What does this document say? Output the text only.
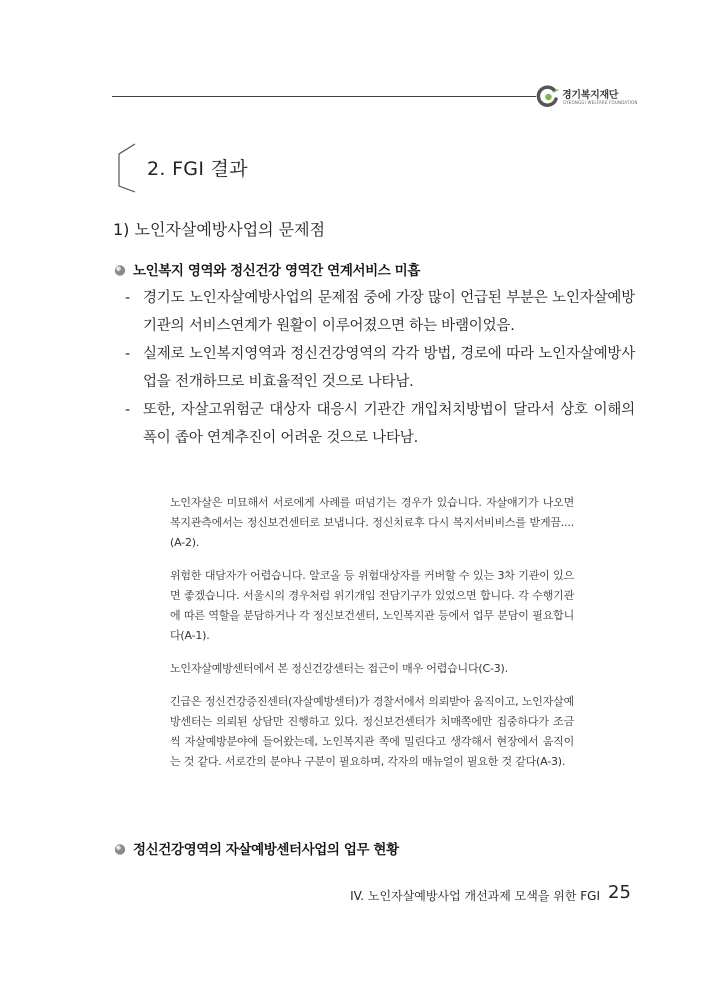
경기복지재단
GYEONGGI WELFARE FOUNDATION
2. FGI 결과
1) 노인자살예방사업의 문제점
노인복지 영역와 정신건강 영역간 연계서비스 미흡
- 경기도 노인자살예방사업의 문제점 중에 가장 많이 언급된 부분은 노인자살예방 기관의 서비스연계가 원활이 이루어졌으면 하는 바램이었음.
- 실제로 노인복지영역과 정신건강영역의 각각 방법, 경로에 따라 노인자살예방사업을 전개하므로 비효율적인 것으로 나타남.
- 또한, 자살고위험군 대상자 대응시 기관간 개입처치방법이 달라서 상호 이해의 폭이 좁아 연계추진이 어려운 것으로 나타남.

노인자살은 미묘해서 서로에게 사례를 떠넘기는 경우가 있습니다. 자살얘기가 나오면 복지관측에서는 정신보건센터로 보냅니다. 정신치료후 다시 복지서비비스를 받게끔....(A-2).

위험한 대담자가 어렵습니다. 알코올 등 위험대상자를 커버할 수 있는 3차 기관이 있으면 좋겠습니다. 서울시의 경우처럼 위기개입 전담기구가 있었으면 합니다. 각 수행기관에 따른 역할을 분담하거나 각 정신보건센터, 노인복지관 등에서 업무 분담이 필요합니다(A-1).

노인자살예방센터에서 본 정신건강센터는 접근이 매우 어렵습니다(C-3).

긴급은 정신건강증진센터(자살예방센터)가 경찰서에서 의뢰받아 움직이고, 노인자살예방센터는 의뢰된 상담만 진행하고 있다. 정신보건센터가 치매쪽에만 집중하다가 조금씩 자살예방분야에 들어왔는데, 노인복지관 쪽에 밀린다고 생각해서 현장에서 움직이는 것 같다. 서로간의 분야나 구분이 필요하며, 각자의 매뉴얼이 필요한 것 같다(A-3).

정신건강영역의 자살예방센터사업의 업무 현황
IV. 노인자살예방사업 개선과제 모색을 위한 FGI 25
